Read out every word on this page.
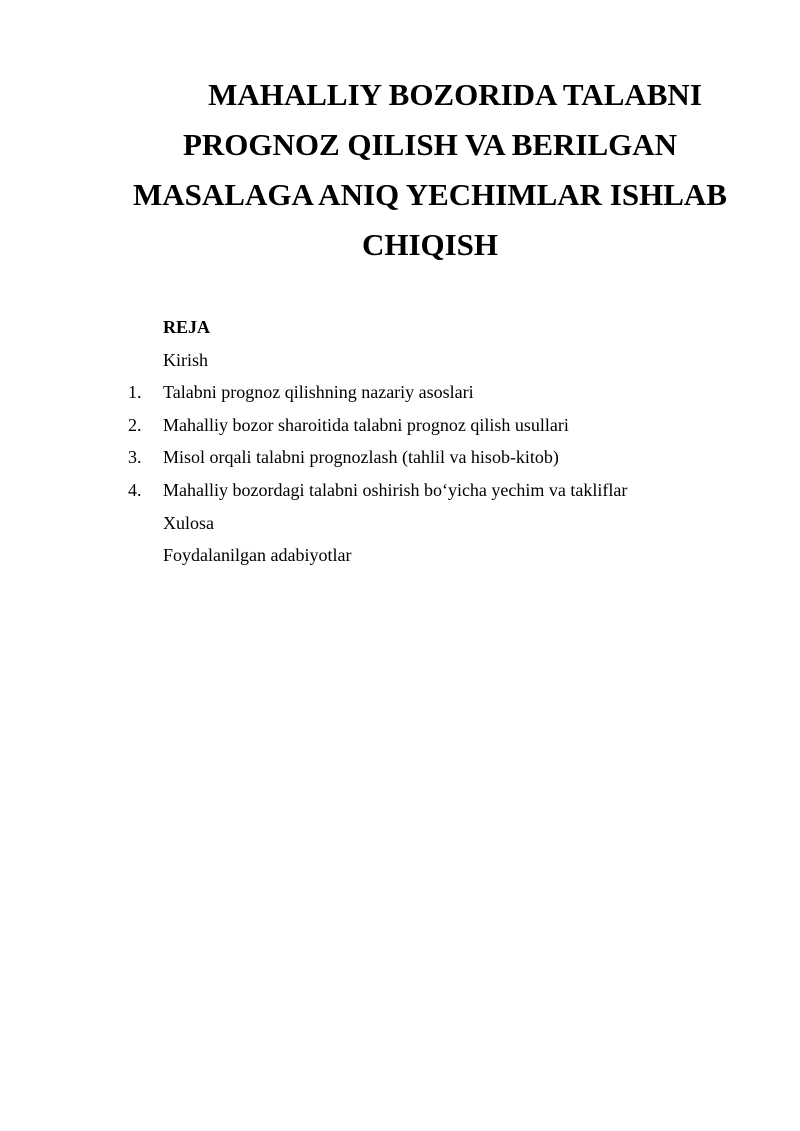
MAHALLIY BOZORIDA TALABNI
PROGNOZ QILISH VA BERILGAN
MASALAGA ANIQ YECHIMLAR ISHLAB
CHIQISH
REJA
Kirish
1.	Talabni prognoz qilishning nazariy asoslari
2.	Mahalliy bozor sharoitida talabni prognoz qilish usullari
3.	Misol orqali talabni prognozlash (tahlil va hisob-kitob)
4.	Mahalliy bozordagi talabni oshirish bo‘yicha yechim va takliflar
Xulosa
Foydalanilgan adabiyotlar
